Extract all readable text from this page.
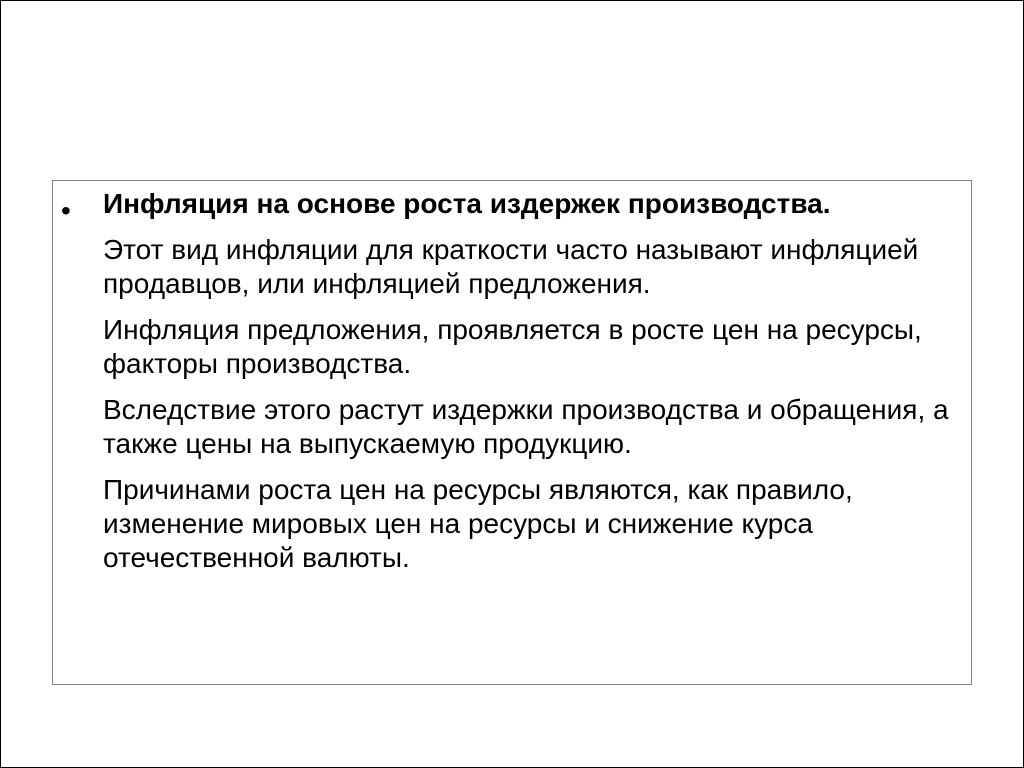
• Инфляция на основе роста издержек производства.

Этот вид инфляции для краткости часто называют инфляцией продавцов, или инфляцией предложения.

Инфляция предложения, проявляется в росте цен на ресурсы, факторы производства.

Вследствие этого растут издержки производства и обращения, а также цены на выпускаемую продукцию.

Причинами роста цен на ресурсы являются, как правило, изменение мировых цен на ресурсы и снижение курса отечественной валюты.
